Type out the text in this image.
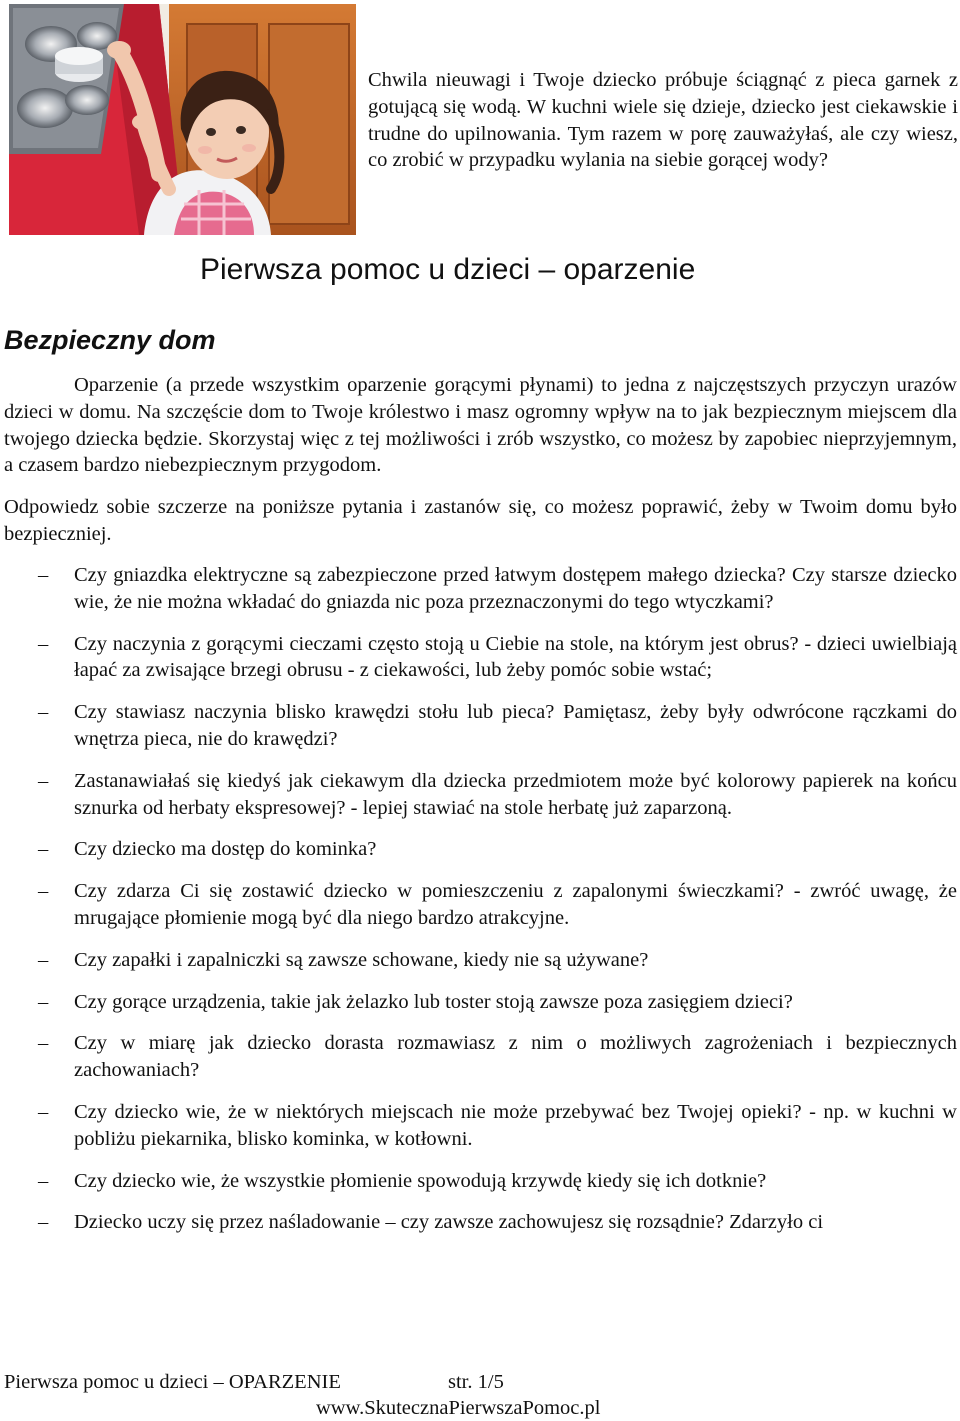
Chwila nieuwagi i Twoje dziecko próbuje ściągnąć z pieca garnek z gotującą się wodą. W kuchni wiele się dzieje, dziecko jest ciekawskie i trudne do upilnowania. Tym razem w porę zauważyłaś, ale czy wiesz, co zrobić w przypadku wylania na siebie gorącej wody?

Pierwsza pomoc u dzieci – oparzenie
Bezpieczny dom

Oparzenie (a przede wszystkim oparzenie gorącymi płynami) to jedna z najczęstszych przyczyn urazów dzieci w domu. Na szczęście dom to Twoje królestwo i masz ogromny wpływ na to jak bezpiecznym miejscem dla twojego dziecka będzie. Skorzystaj więc z tej możliwości i zrób wszystko, co możesz by zapobiec nieprzyjemnym, a czasem bardzo niebezpiecznym przygodom.

Odpowiedz sobie szczerze na poniższe pytania i zastanów się, co możesz poprawić, żeby w Twoim domu było bezpieczniej.

– Czy gniazdka elektryczne są zabezpieczone przed łatwym dostępem małego dziecka? Czy starsze dziecko wie, że nie można wkładać do gniazda nic poza przeznaczonymi do tego wtyczkami?
– Czy naczynia z gorącymi cieczami często stoją u Ciebie na stole, na którym jest obrus? - dzieci uwielbiają łapać za zwisające brzegi obrusu - z ciekawości, lub żeby pomóc sobie wstać;
– Czy stawiasz naczynia blisko krawędzi stołu lub pieca? Pamiętasz, żeby były odwrócone rączkami do wnętrza pieca, nie do krawędzi?
– Zastanawiałaś się kiedyś jak ciekawym dla dziecka przedmiotem może być kolorowy papierek na końcu sznurka od herbaty ekspresowej? - lepiej stawiać na stole herbatę już zaparzoną.
– Czy dziecko ma dostęp do kominka?
– Czy zdarza Ci się zostawić dziecko w pomieszczeniu z zapalonymi świeczkami? - zwróć uwagę, że mrugające płomienie mogą być dla niego bardzo atrakcyjne.
– Czy zapałki i zapalniczki są zawsze schowane, kiedy nie są używane?
– Czy gorące urządzenia, takie jak żelazko lub toster stoją zawsze poza zasięgiem dzieci?
– Czy w miarę jak dziecko dorasta rozmawiasz z nim o możliwych zagrożeniach i bezpiecznych zachowaniach?
– Czy dziecko wie, że w niektórych miejscach nie może przebywać bez Twojej opieki? - np. w kuchni w pobliżu piekarnika, blisko kominka, w kotłowni.
– Czy dziecko wie, że wszystkie płomienie spowodują krzywdę kiedy się ich dotknie?
– Dziecko uczy się przez naśladowanie – czy zawsze zachowujesz się rozsądnie? Zdarzyło ci
Pierwsza pomoc u dzieci – OPARZENIE	str. 1/5
www.SkutecznaPierwszaPomoc.pl
